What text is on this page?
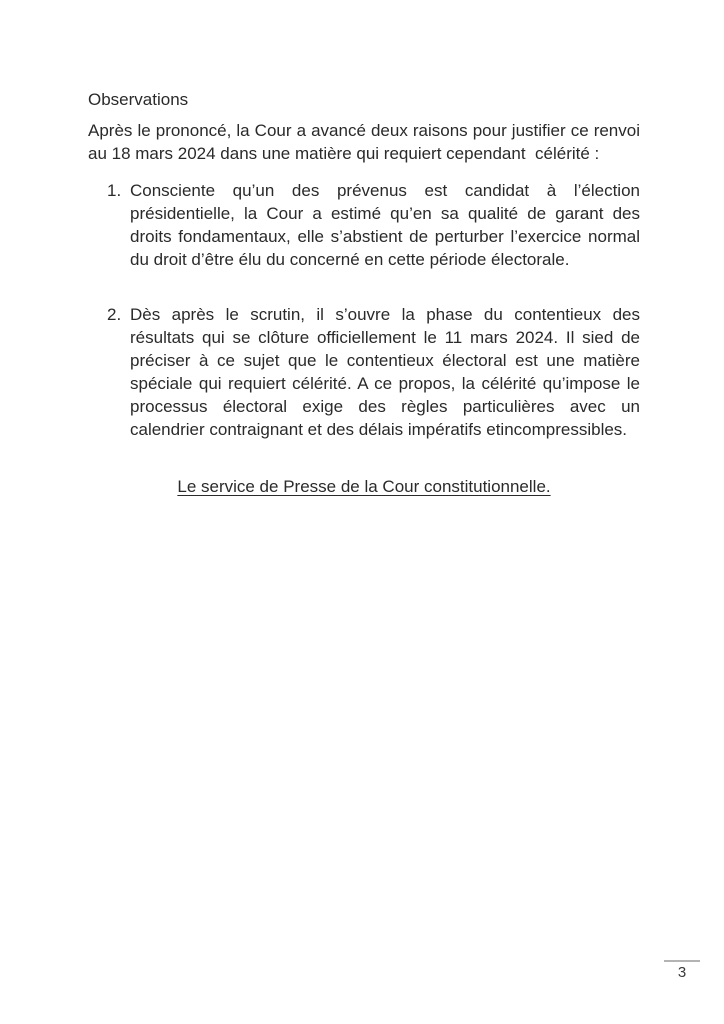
Observations

Après le prononcé, la Cour a avancé deux raisons pour justifier ce renvoi au 18 mars 2024 dans une matière qui requiert cependant  célérité :

1. Consciente qu’un des prévenus est candidat à l’élection présidentielle, la Cour a estimé qu’en sa qualité de garant des droits fondamentaux, elle s’abstient de perturber l’exercice normal du droit d’être élu du concerné en cette période électorale.
2. Dès après le scrutin, il s’ouvre la phase du contentieux des résultats qui se clôture officiellement le 11 mars 2024. Il sied de préciser à ce sujet que le contentieux électoral est une matière spéciale qui requiert célérité. A ce propos, la célérité qu’impose le processus électoral exige des règles particulières avec un calendrier contraignant et des délais impératifs etincompressibles.
Le service de Presse de la Cour constitutionnelle.
3
